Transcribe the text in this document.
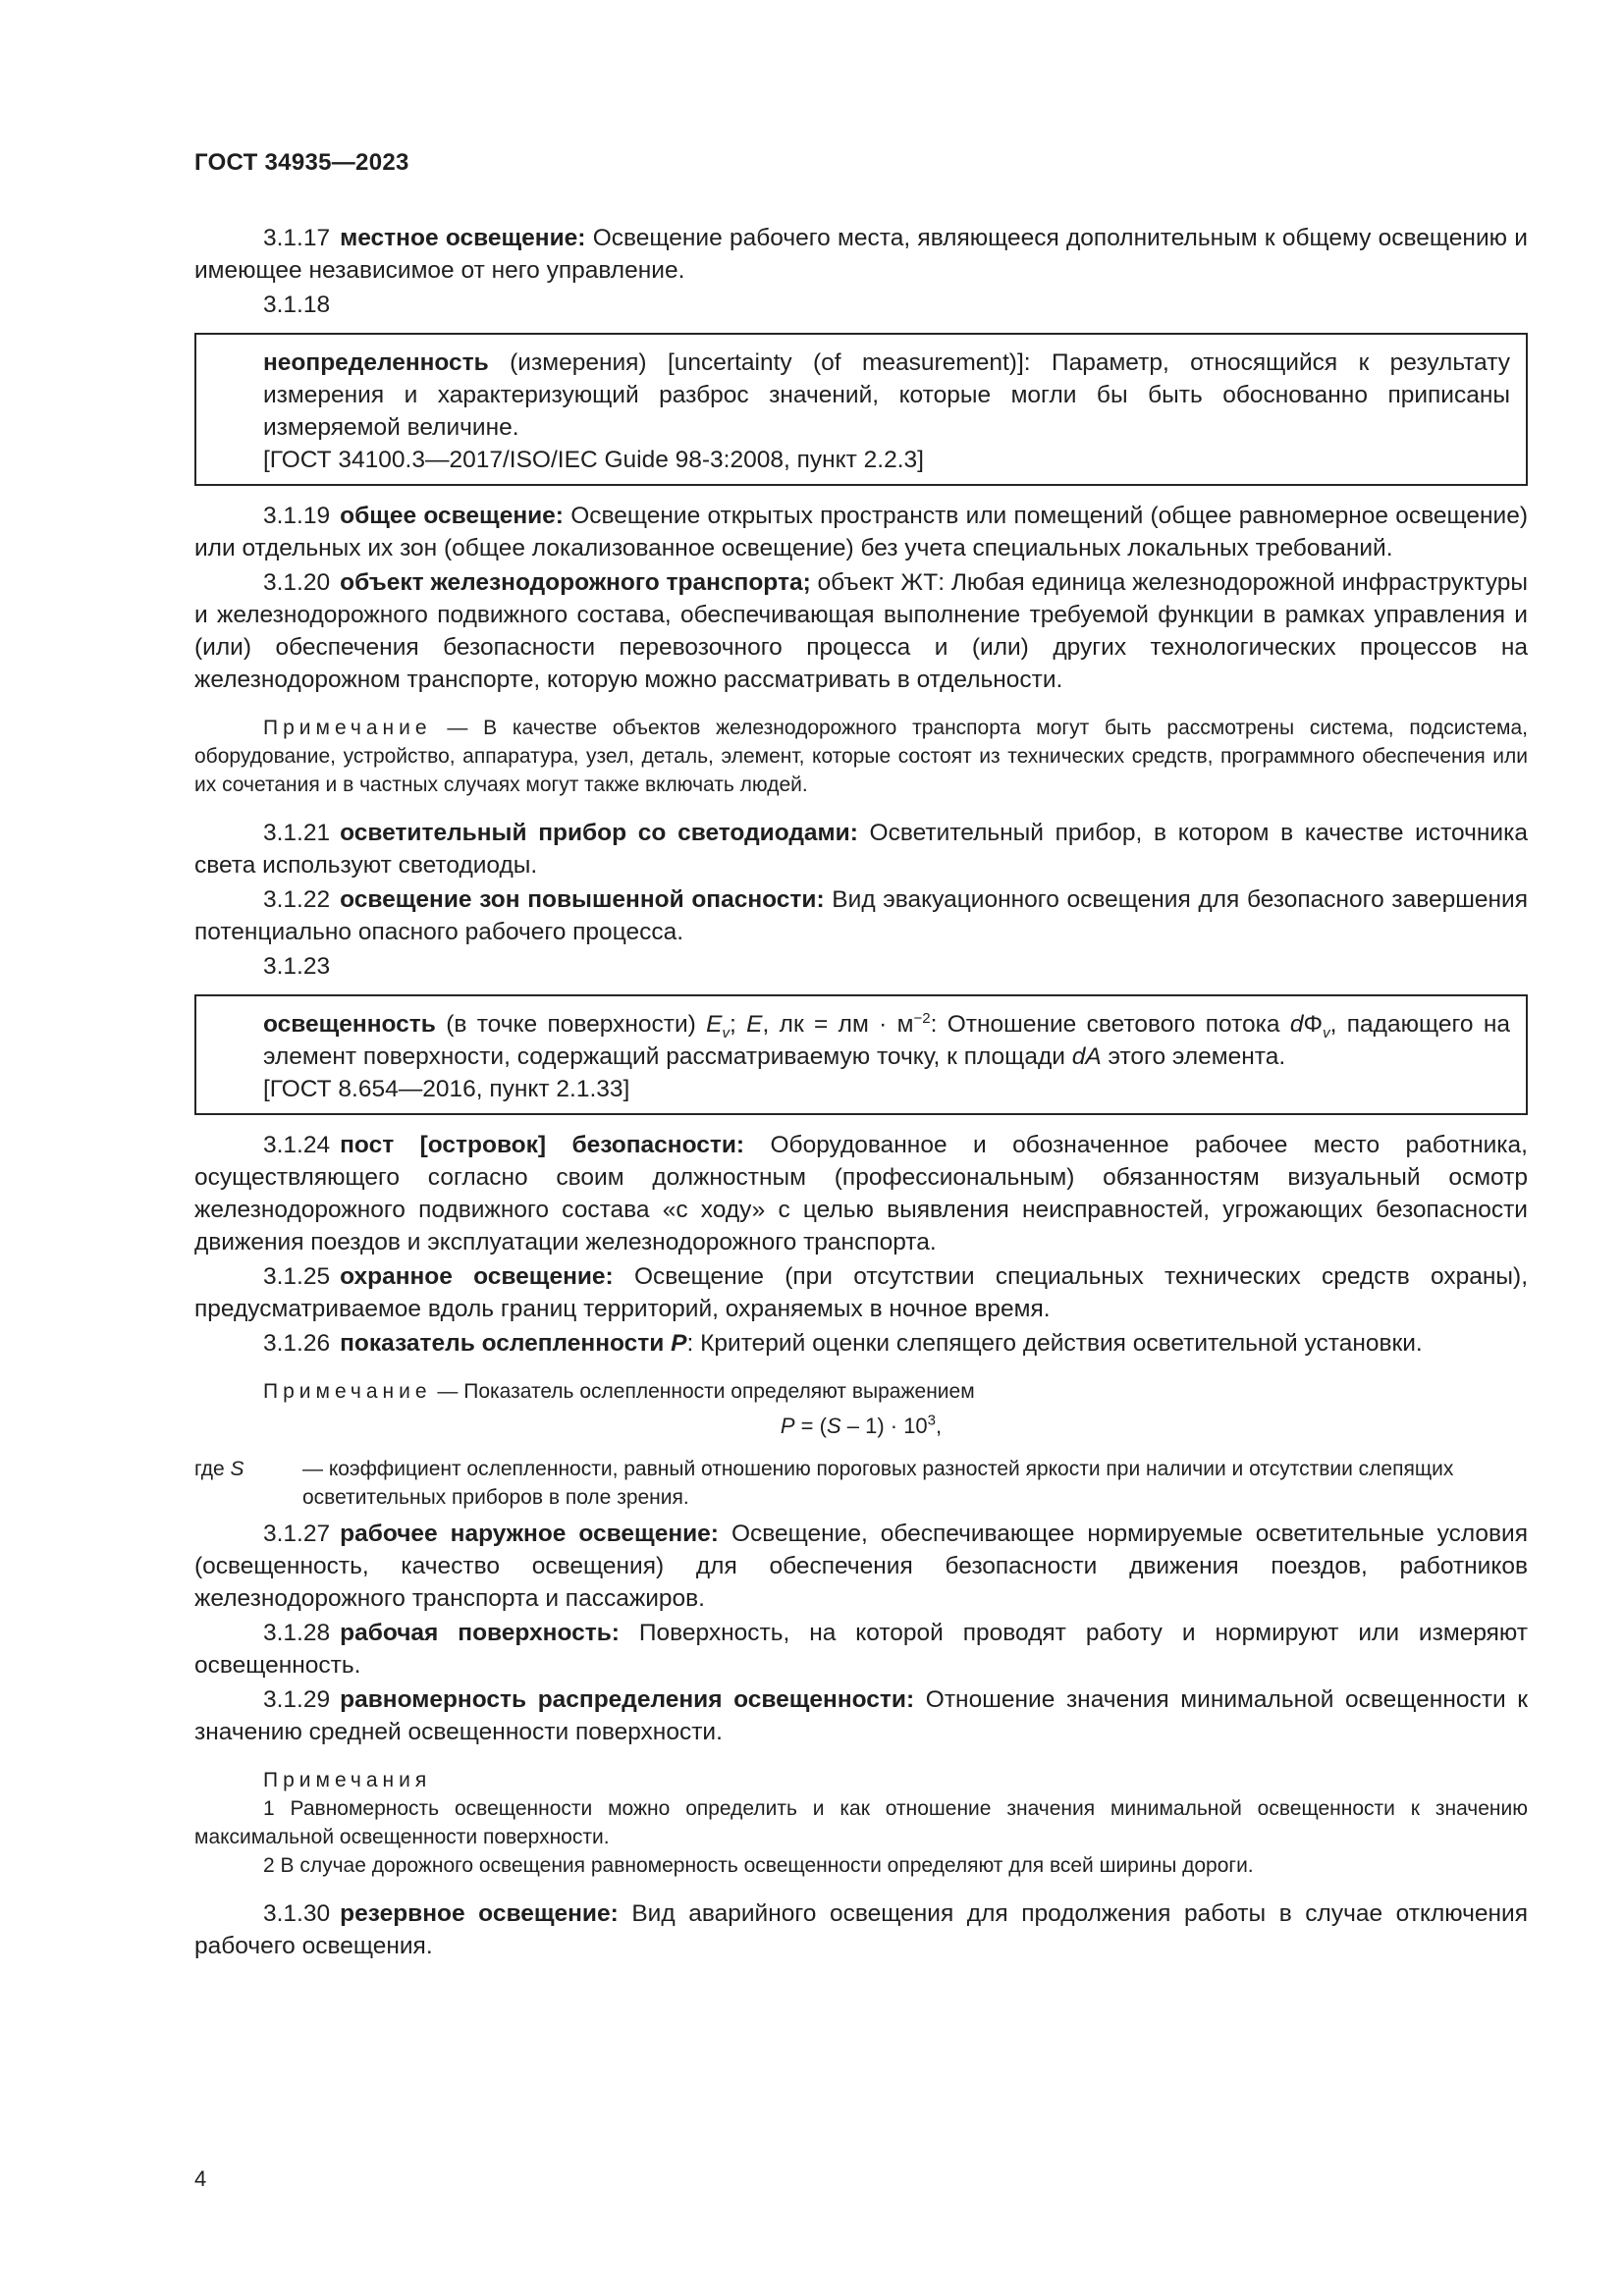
ГОСТ 34935—2023

3.1.17 местное освещение: Освещение рабочего места, являющееся дополнительным к общему освещению и имеющее независимое от него управление.

3.1.18

неопределенность (измерения) [uncertainty (of measurement)]: Параметр, относящийся к результату измерения и характеризующий разброс значений, которые могли бы быть обоснованно приписаны измеряемой величине.

[ГОСТ 34100.3—2017/ISO/IEC Guide 98-3:2008, пункт 2.2.3]

3.1.19 общее освещение: Освещение открытых пространств или помещений (общее равномерное освещение) или отдельных их зон (общее локализованное освещение) без учета специальных локальных требований.

3.1.20 объект железнодорожного транспорта; объект ЖТ: Любая единица железнодорожной инфраструктуры и железнодорожного подвижного состава, обеспечивающая выполнение требуемой функции в рамках управления и (или) обеспечения безопасности перевозочного процесса и (или) других технологических процессов на железнодорожном транспорте, которую можно рассматривать в отдельности.

Примечание — В качестве объектов железнодорожного транспорта могут быть рассмотрены система, подсистема, оборудование, устройство, аппаратура, узел, деталь, элемент, которые состоят из технических средств, программного обеспечения или их сочетания и в частных случаях могут также включать людей.

3.1.21 осветительный прибор со светодиодами: Осветительный прибор, в котором в качестве источника света используют светодиоды.

3.1.22 освещение зон повышенной опасности: Вид эвакуационного освещения для безопасного завершения потенциально опасного рабочего процесса.

3.1.23

освещенность (в точке поверхности) $E_v$; E, лк = лм · $м^{-2}$: Отношение светового потока $d\Phi_v$, падающего на элемент поверхности, содержащий рассматриваемую точку, к площади dA этого элемента.

[ГОСТ 8.654—2016, пункт 2.1.33]

3.1.24 пост [островок] безопасности: Оборудованное и обозначенное рабочее место работника, осуществляющего согласно своим должностным (профессиональным) обязанностям визуальный осмотр железнодорожного подвижного состава «с ходу» с целью выявления неисправностей, угрожающих безопасности движения поездов и эксплуатации железнодорожного транспорта.

3.1.25 охранное освещение: Освещение (при отсутствии специальных технических средств охраны), предусматриваемое вдоль границ территорий, охраняемых в ночное время.

3.1.26 показатель ослепленности P: Критерий оценки слепящего действия осветительной установки.

Примечание — Показатель ослепленности определяют выражением

$P = (S - 1) \cdot 10^3$,
где S	— коэффициент ослепленности, равный отношению пороговых разностей яркости при наличии и отсутствии слепящих осветительных приборов в поле зрения.

3.1.27 рабочее наружное освещение: Освещение, обеспечивающее нормируемые осветительные условия (освещенность, качество освещения) для обеспечения безопасности движения поездов, работников железнодорожного транспорта и пассажиров.

3.1.28 рабочая поверхность: Поверхность, на которой проводят работу и нормируют или измеряют освещенность.

3.1.29 равномерность распределения освещенности: Отношение значения минимальной освещенности к значению средней освещенности поверхности.

Примечания
1 Равномерность освещенности можно определить и как отношение значения минимальной освещенности к значению максимальной освещенности поверхности.
2 В случае дорожного освещения равномерность освещенности определяют для всей ширины дороги.

3.1.30 резервное освещение: Вид аварийного освещения для продолжения работы в случае отключения рабочего освещения.

4
